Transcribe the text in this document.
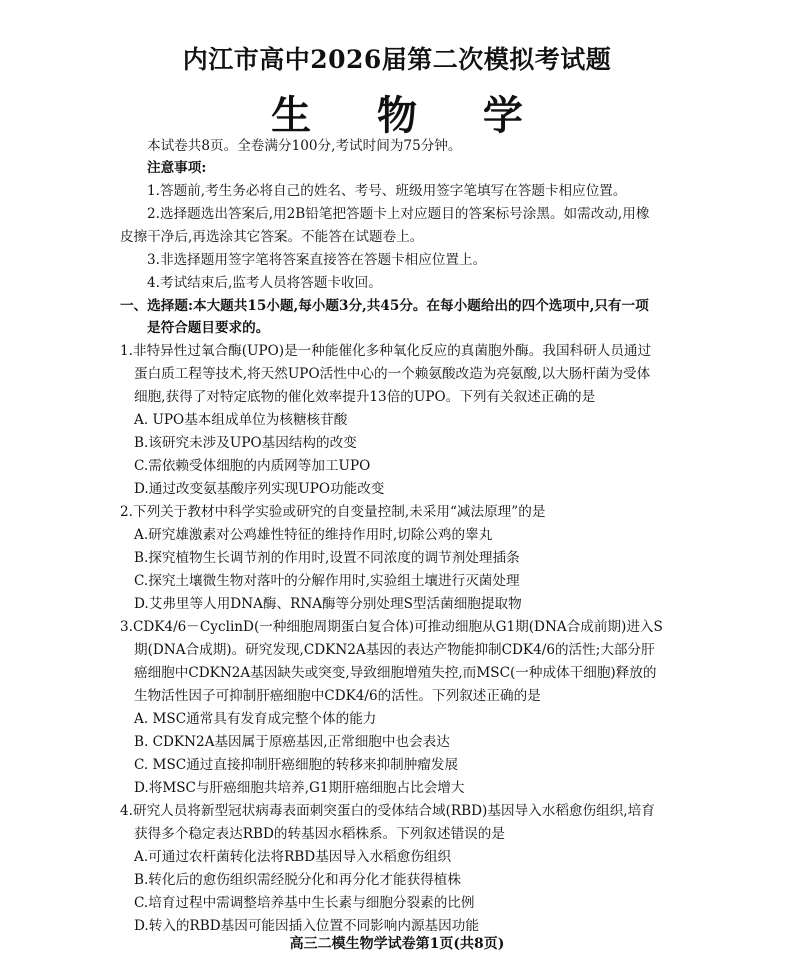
内江市高中2026届第二次模拟考试题
生 物 学
本试卷共8页。全卷满分100分,考试时间为75分钟。
注意事项:
1.答题前,考生务必将自己的姓名、考号、班级用签字笔填写在答题卡相应位置。
2.选择题选出答案后,用2B铅笔把答题卡上对应题目的答案标号涂黑。如需改动,用橡
皮擦干净后,再选涂其它答案。不能答在试题卷上。
3.非选择题用签字笔将答案直接答在答题卡相应位置上。
4.考试结束后,监考人员将答题卡收回。
一、选择题:本大题共15小题,每小题3分,共45分。在每小题给出的四个选项中,只有一项
是符合题目要求的。
1.非特异性过氧合酶(UPO)是一种能催化多种氧化反应的真菌胞外酶。我国科研人员通过
蛋白质工程等技术,将天然UPO活性中心的一个赖氨酸改造为亮氨酸,以大肠杆菌为受体
细胞,获得了对特定底物的催化效率提升13倍的UPO。下列有关叙述正确的是
A. UPO基本组成单位为核糖核苷酸
B.该研究未涉及UPO基因结构的改变
C.需依赖受体细胞的内质网等加工UPO
D.通过改变氨基酸序列实现UPO功能改变
2.下列关于教材中科学实验或研究的自变量控制,未采用“减法原理”的是
A.研究雄激素对公鸡雄性特征的维持作用时,切除公鸡的睾丸
B.探究植物生长调节剂的作用时,设置不同浓度的调节剂处理插条
C.探究土壤微生物对落叶的分解作用时,实验组土壤进行灭菌处理
D.艾弗里等人用DNA酶、RNA酶等分别处理S型活菌细胞提取物
3.CDK4/6－CyclinD(一种细胞周期蛋白复合体)可推动细胞从G1期(DNA合成前期)进入S
期(DNA合成期)。研究发现,CDKN2A基因的表达产物能抑制CDK4/6的活性;大部分肝
癌细胞中CDKN2A基因缺失或突变,导致细胞增殖失控,而MSC(一种成体干细胞)释放的
生物活性因子可抑制肝癌细胞中CDK4/6的活性。下列叙述正确的是
A. MSC通常具有发育成完整个体的能力
B. CDKN2A基因属于原癌基因,正常细胞中也会表达
C. MSC通过直接抑制肝癌细胞的转移来抑制肿瘤发展
D.将MSC与肝癌细胞共培养,G1期肝癌细胞占比会增大
4.研究人员将新型冠状病毒表面刺突蛋白的受体结合域(RBD)基因导入水稻愈伤组织,培育
获得多个稳定表达RBD的转基因水稻株系。下列叙述错误的是
A.可通过农杆菌转化法将RBD基因导入水稻愈伤组织
B.转化后的愈伤组织需经脱分化和再分化才能获得植株
C.培育过程中需调整培养基中生长素与细胞分裂素的比例
D.转入的RBD基因可能因插入位置不同影响内源基因功能
高三二模生物学试卷第1页(共8页)
